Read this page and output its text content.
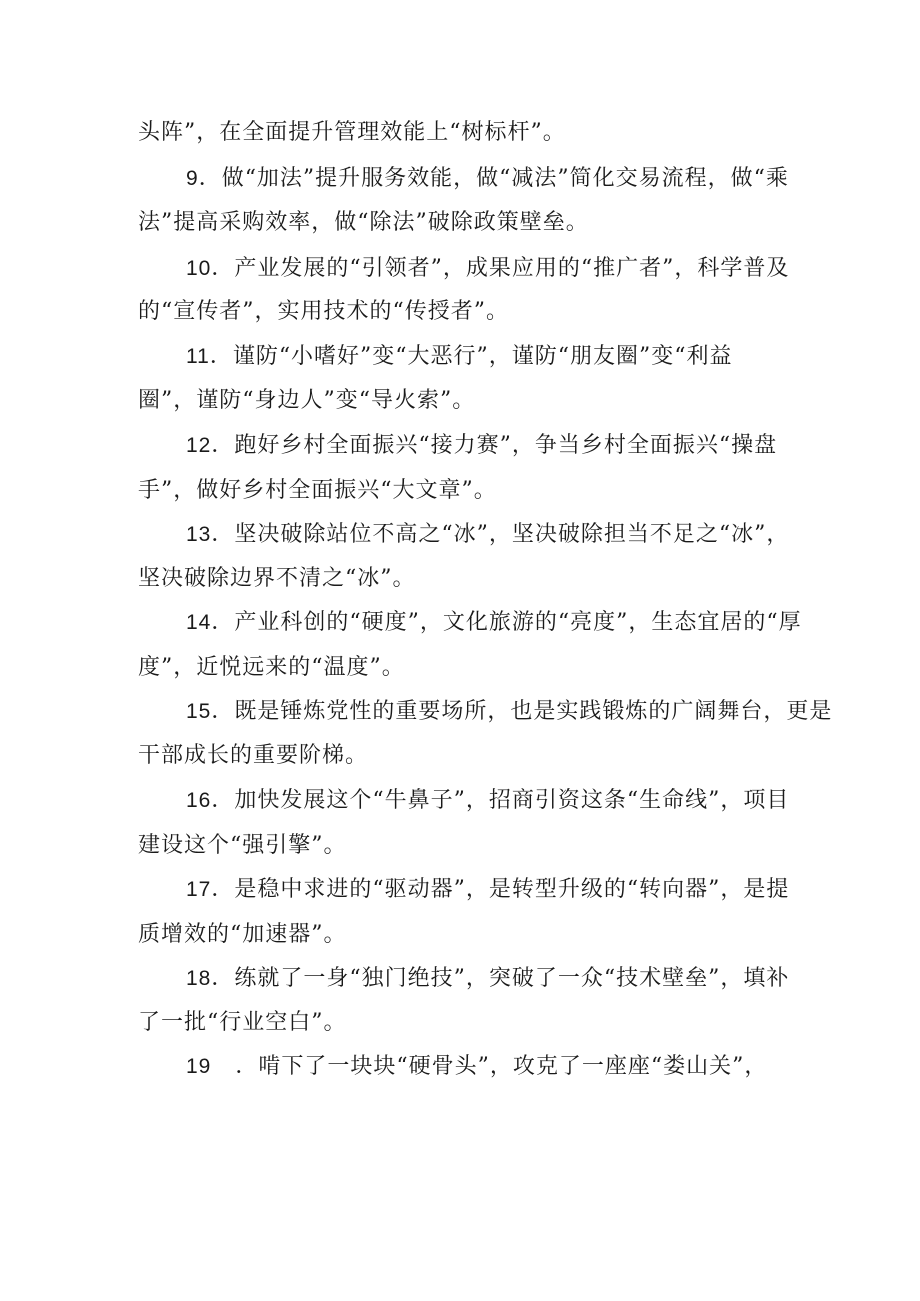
头阵”，在全面提升管理效能上“树标杆”。
9．做“加法”提升服务效能，做“减法”简化交易流程，做“乘
法”提高采购效率，做“除法”破除政策壁垒。
10．产业发展的“引领者”，成果应用的“推广者”，科学普及
的“宣传者”，实用技术的“传授者”。
11．谨防“小嗜好”变“大恶行”，谨防“朋友圈”变“利益
圈”，谨防“身边人”变“导火索”。
12．跑好乡村全面振兴“接力赛”，争当乡村全面振兴“操盘
手”，做好乡村全面振兴“大文章”。
13．坚决破除站位不高之“冰”，坚决破除担当不足之“冰”，
坚决破除边界不清之“冰”。
14．产业科创的“硬度”，文化旅游的“亮度”，生态宜居的“厚
度”，近悦远来的“温度”。
15．既是锤炼党性的重要场所，也是实践锻炼的广阔舞台，更是
干部成长的重要阶梯。
16．加快发展这个“牛鼻子”，招商引资这条“生命线”，项目
建设这个“强引擎”。
17．是稳中求进的“驱动器”，是转型升级的“转向器”，是提
质增效的“加速器”。
18．练就了一身“独门绝技”，突破了一众“技术壁垒”，填补
了一批“行业空白”。
19   ．啃下了一块块“硬骨头”，攻克了一座座“娄山关”，
